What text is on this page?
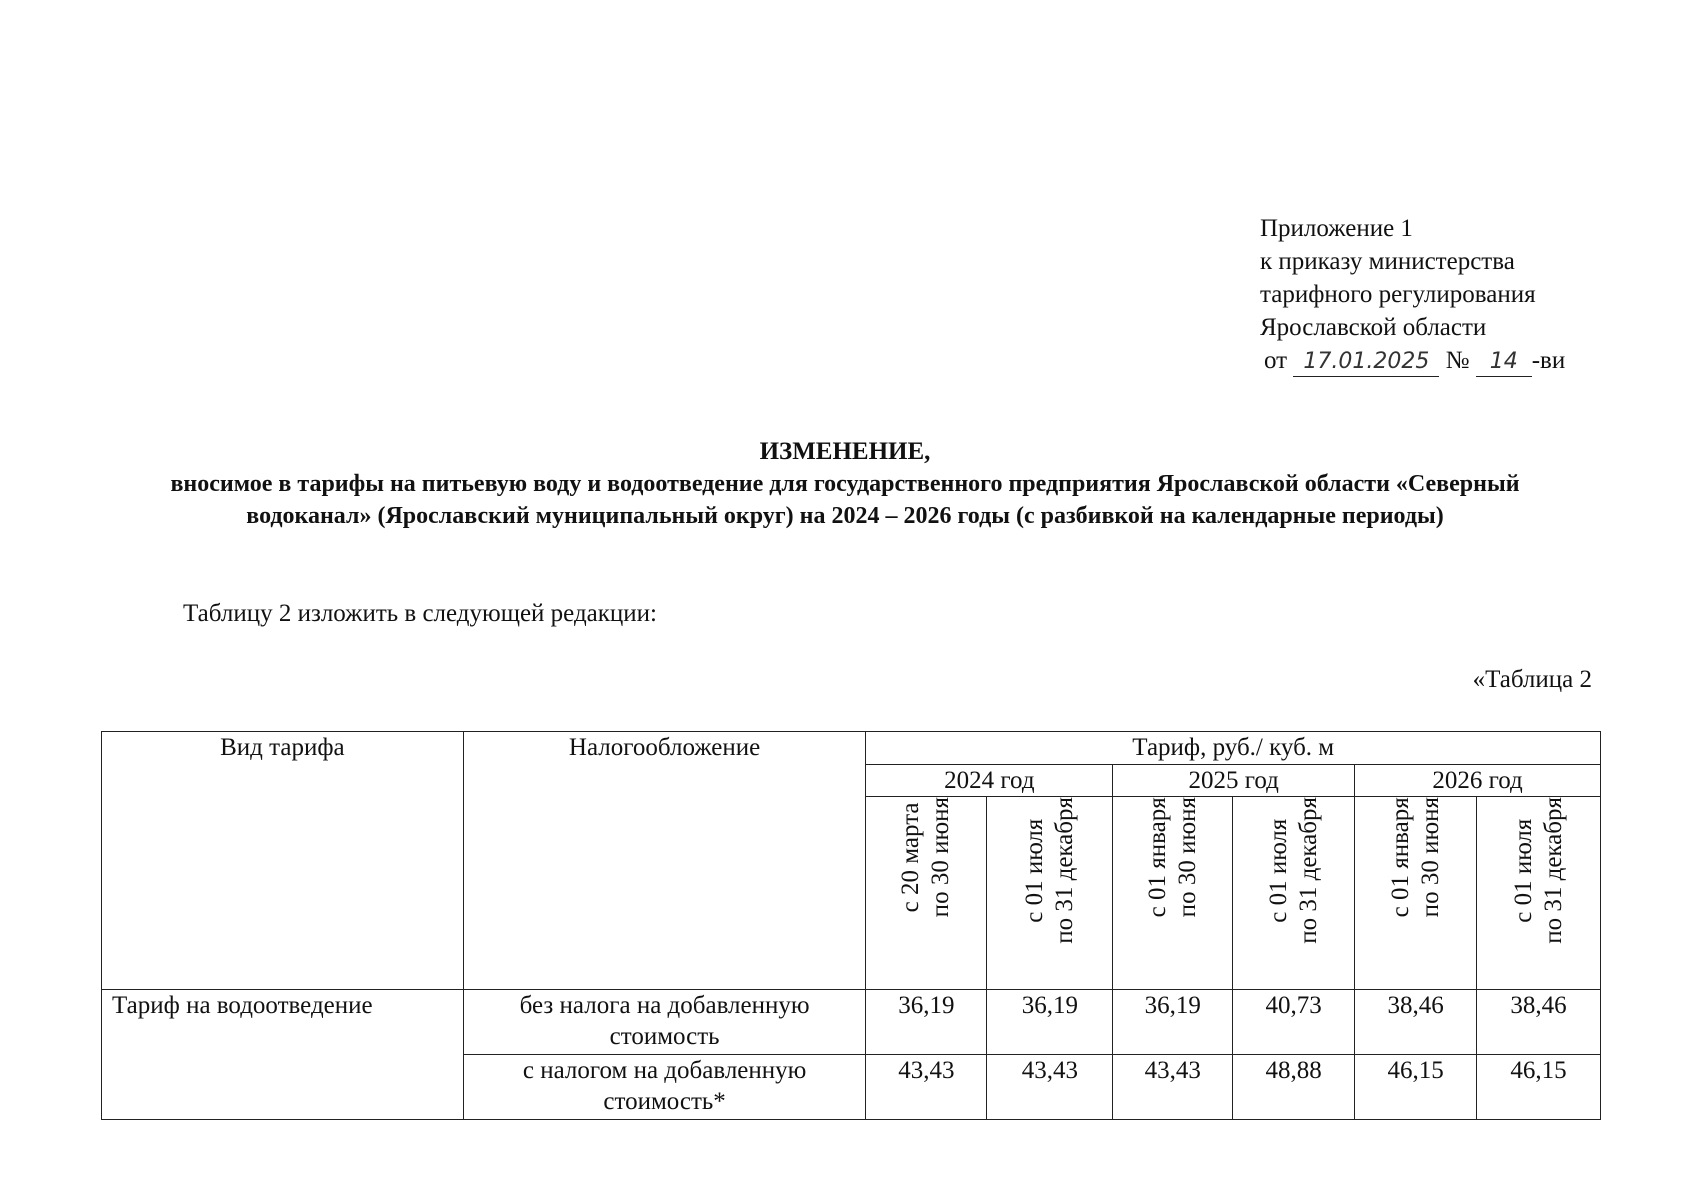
Приложение 1
к приказу министерства
тарифного регулирования
Ярославской области
от 17.01.2025 № 14 -ви
ИЗМЕНЕНИЕ,
вносимое в тарифы на питьевую воду и водоотведение для государственного предприятия Ярославской области «Северный водоканал» (Ярославский муниципальный округ) на 2024 – 2026 годы (с разбивкой на календарные периоды)
Таблицу 2 изложить в следующей редакции:
«Таблица 2
Вид тарифа	Налогообложение	Тариф, руб./ куб. м					
		2024 год		2025 год		2026 год	

		с 20 марта по 30 июня	с 01 июля по 31 декабря	с 01 января по 30 июня	с 01 июля по 31 декабря	с 01 января по 30 июня	с 01 июля по 31 декабря

Тариф на водоотведение	без налога на добавленную стоимость	36,19	36,19	36,19	40,73	38,46	38,46
	с налогом на добавленную стоимость*	43,43	43,43	43,43	48,88	46,15	46,15
